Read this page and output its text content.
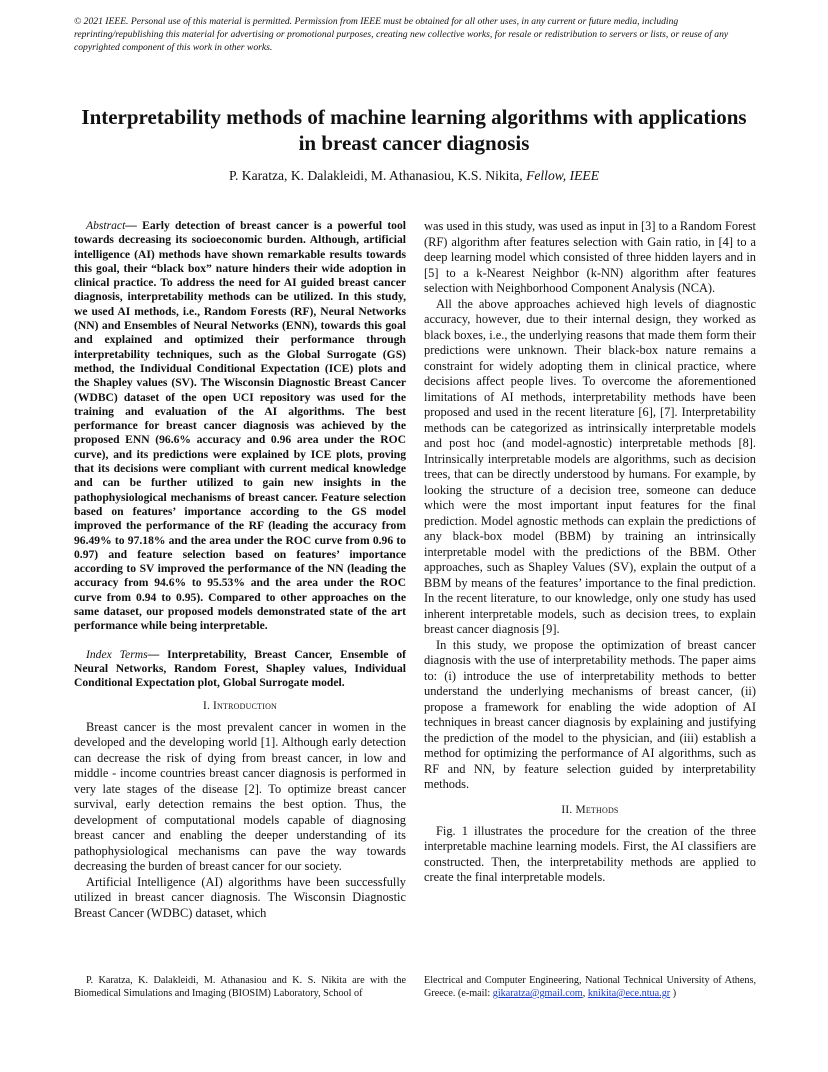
© 2021 IEEE. Personal use of this material is permitted. Permission from IEEE must be obtained for all other uses, in any current or future media, including reprinting/republishing this material for advertising or promotional purposes, creating new collective works, for resale or redistribution to servers or lists, or reuse of any copyrighted component of this work in other works.
Interpretability methods of machine learning algorithms with applications in breast cancer diagnosis
P. Karatza, K. Dalakleidi, M. Athanasiou, K.S. Nikita, Fellow, IEEE

Abstract— Early detection of breast cancer is a powerful tool towards decreasing its socioeconomic burden. Although, artificial intelligence (AI) methods have shown remarkable results towards this goal, their “black box” nature hinders their wide adoption in clinical practice. To address the need for AI guided breast cancer diagnosis, interpretability methods can be utilized. In this study, we used AI methods, i.e., Random Forests (RF), Neural Networks (NN) and Ensembles of Neural Networks (ENN), towards this goal and explained and optimized their performance through interpretability techniques, such as the Global Surrogate (GS) method, the Individual Conditional Expectation (ICE) plots and the Shapley values (SV). The Wisconsin Diagnostic Breast Cancer (WDBC) dataset of the open UCI repository was used for the training and evaluation of the AI algorithms. The best performance for breast cancer diagnosis was achieved by the proposed ENN (96.6% accuracy and 0.96 area under the ROC curve), and its predictions were explained by ICE plots, proving that its decisions were compliant with current medical knowledge and can be further utilized to gain new insights in the pathophysiological mechanisms of breast cancer. Feature selection based on features’ importance according to the GS model improved the performance of the RF (leading the accuracy from 96.49% to 97.18% and the area under the ROC curve from 0.96 to 0.97) and feature selection based on features’ importance according to SV improved the performance of the NN (leading the accuracy from 94.6% to 95.53% and the area under the ROC curve from 0.94 to 0.95). Compared to other approaches on the same dataset, our proposed models demonstrated state of the art performance while being interpretable.

Index Terms— Interpretability, Breast Cancer, Ensemble of Neural Networks, Random Forest, Shapley values, Individual Conditional Expectation plot, Global Surrogate model.

I. Introduction

Breast cancer is the most prevalent cancer in women in the developed and the developing world [1]. Although early detection can decrease the risk of dying from breast cancer, in low and middle - income countries breast cancer diagnosis is performed in very late stages of the disease [2]. To optimize breast cancer survival, early detection remains the best option. Thus, the development of computational models capable of diagnosing breast cancer and enabling the deeper understanding of its pathophysiological mechanisms can pave the way towards decreasing the burden of breast cancer for our society.

Artificial Intelligence (AI) algorithms have been successfully utilized in breast cancer diagnosis. The Wisconsin Diagnostic Breast Cancer (WDBC) dataset, which

was used in this study, was used as input in [3] to a Random Forest (RF) algorithm after features selection with Gain ratio, in [4] to a deep learning model which consisted of three hidden layers and in [5] to a k-Nearest Neighbor (k-NN) algorithm after features selection with Neighborhood Component Analysis (NCA).

All the above approaches achieved high levels of diagnostic accuracy, however, due to their internal design, they worked as black boxes, i.e., the underlying reasons that made them form their predictions were unknown. Their black-box nature remains a constraint for widely adopting them in clinical practice, where decisions affect people lives. To overcome the aforementioned limitations of AI methods, interpretability methods have been proposed and used in the recent literature [6], [7]. Interpretability methods can be categorized as intrinsically interpretable models and post hoc (and model-agnostic) interpretable methods [8]. Intrinsically interpretable models are algorithms, such as decision trees, that can be directly understood by humans. For example, by looking the structure of a decision tree, someone can deduce which were the most important input features for the final prediction. Model agnostic methods can explain the predictions of any black-box model (BBM) by training an intrinsically interpretable model with the predictions of the BBM. Other approaches, such as Shapley Values (SV), explain the output of a BBM by means of the features’ importance to the final prediction. In the recent literature, to our knowledge, only one study has used inherent interpretable models, such as decision trees, to explain breast cancer diagnosis [9].

In this study, we propose the optimization of breast cancer diagnosis with the use of interpretability methods. The paper aims to: (i) introduce the use of interpretability methods to better understand the underlying mechanisms of breast cancer, (ii) propose a framework for enabling the wide adoption of AI techniques in breast cancer diagnosis by explaining and justifying the prediction of the model to the physician, and (iii) establish a method for optimizing the performance of AI algorithms, such as RF and NN, by feature selection guided by interpretability methods.

II. Methods

Fig. 1 illustrates the procedure for the creation of the three interpretable machine learning models. First, the AI classifiers are constructed. Then, the interpretability methods are applied to create the final interpretable models.

P. Karatza, K. Dalakleidi, M. Athanasiou and K. S. Nikita are with the Biomedical Simulations and Imaging (BIOSIM) Laboratory, School of
Electrical and Computer Engineering, National Technical University of Athens, Greece. (e-mail: gikaratza@gmail.com, knikita@ece.ntua.gr )
